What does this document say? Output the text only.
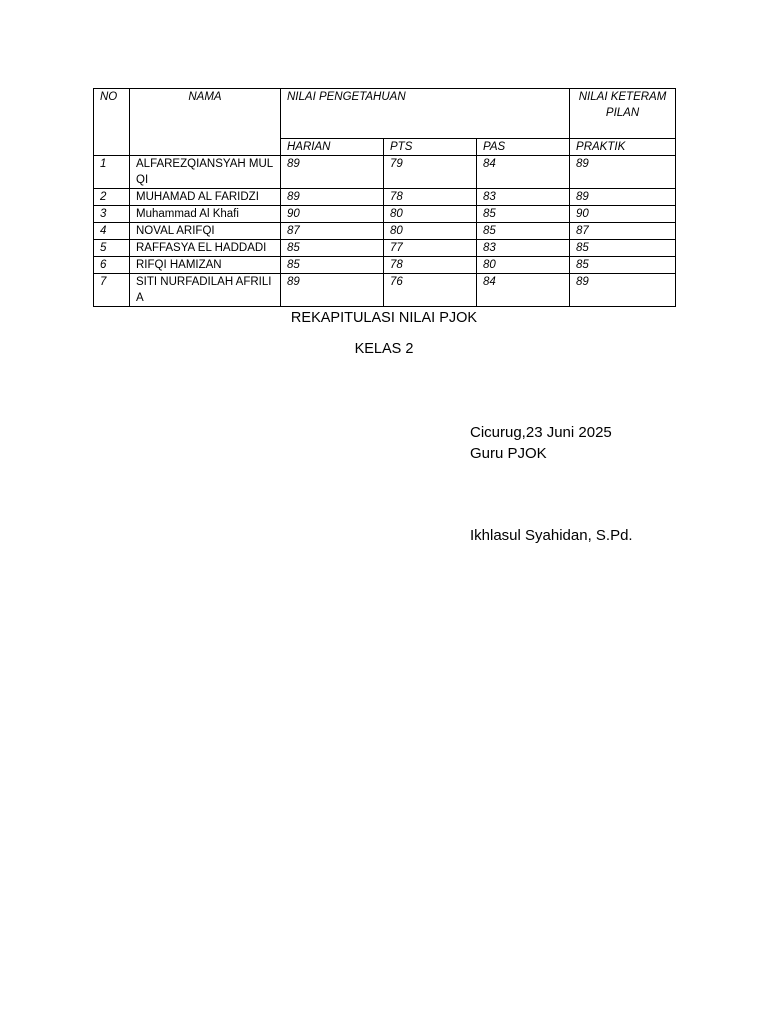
NO	NAMA	NILAI PENGETAHUAN			NILAI KETERAMPILAN
		HARIAN	PTS	PAS	PRAKTIK
1	ALFAREZQIANSYAH MULQI	89	79	84	89
2	MUHAMAD AL FARIDZI	89	78	83	89
3	Muhammad Al Khafi	90	80	85	90
4	NOVAL ARIFQI	87	80	85	87
5	RAFFASYA EL HADDADI	85	77	83	85
6	RIFQI HAMIZAN	85	78	80	85
7	SITI NURFADILAH AFRILIA	89	76	84	89
REKAPITULASI NILAI PJOK
KELAS 2
Cicurug,23 Juni 2025
Guru PJOK
Ikhlasul Syahidan, S.Pd.
